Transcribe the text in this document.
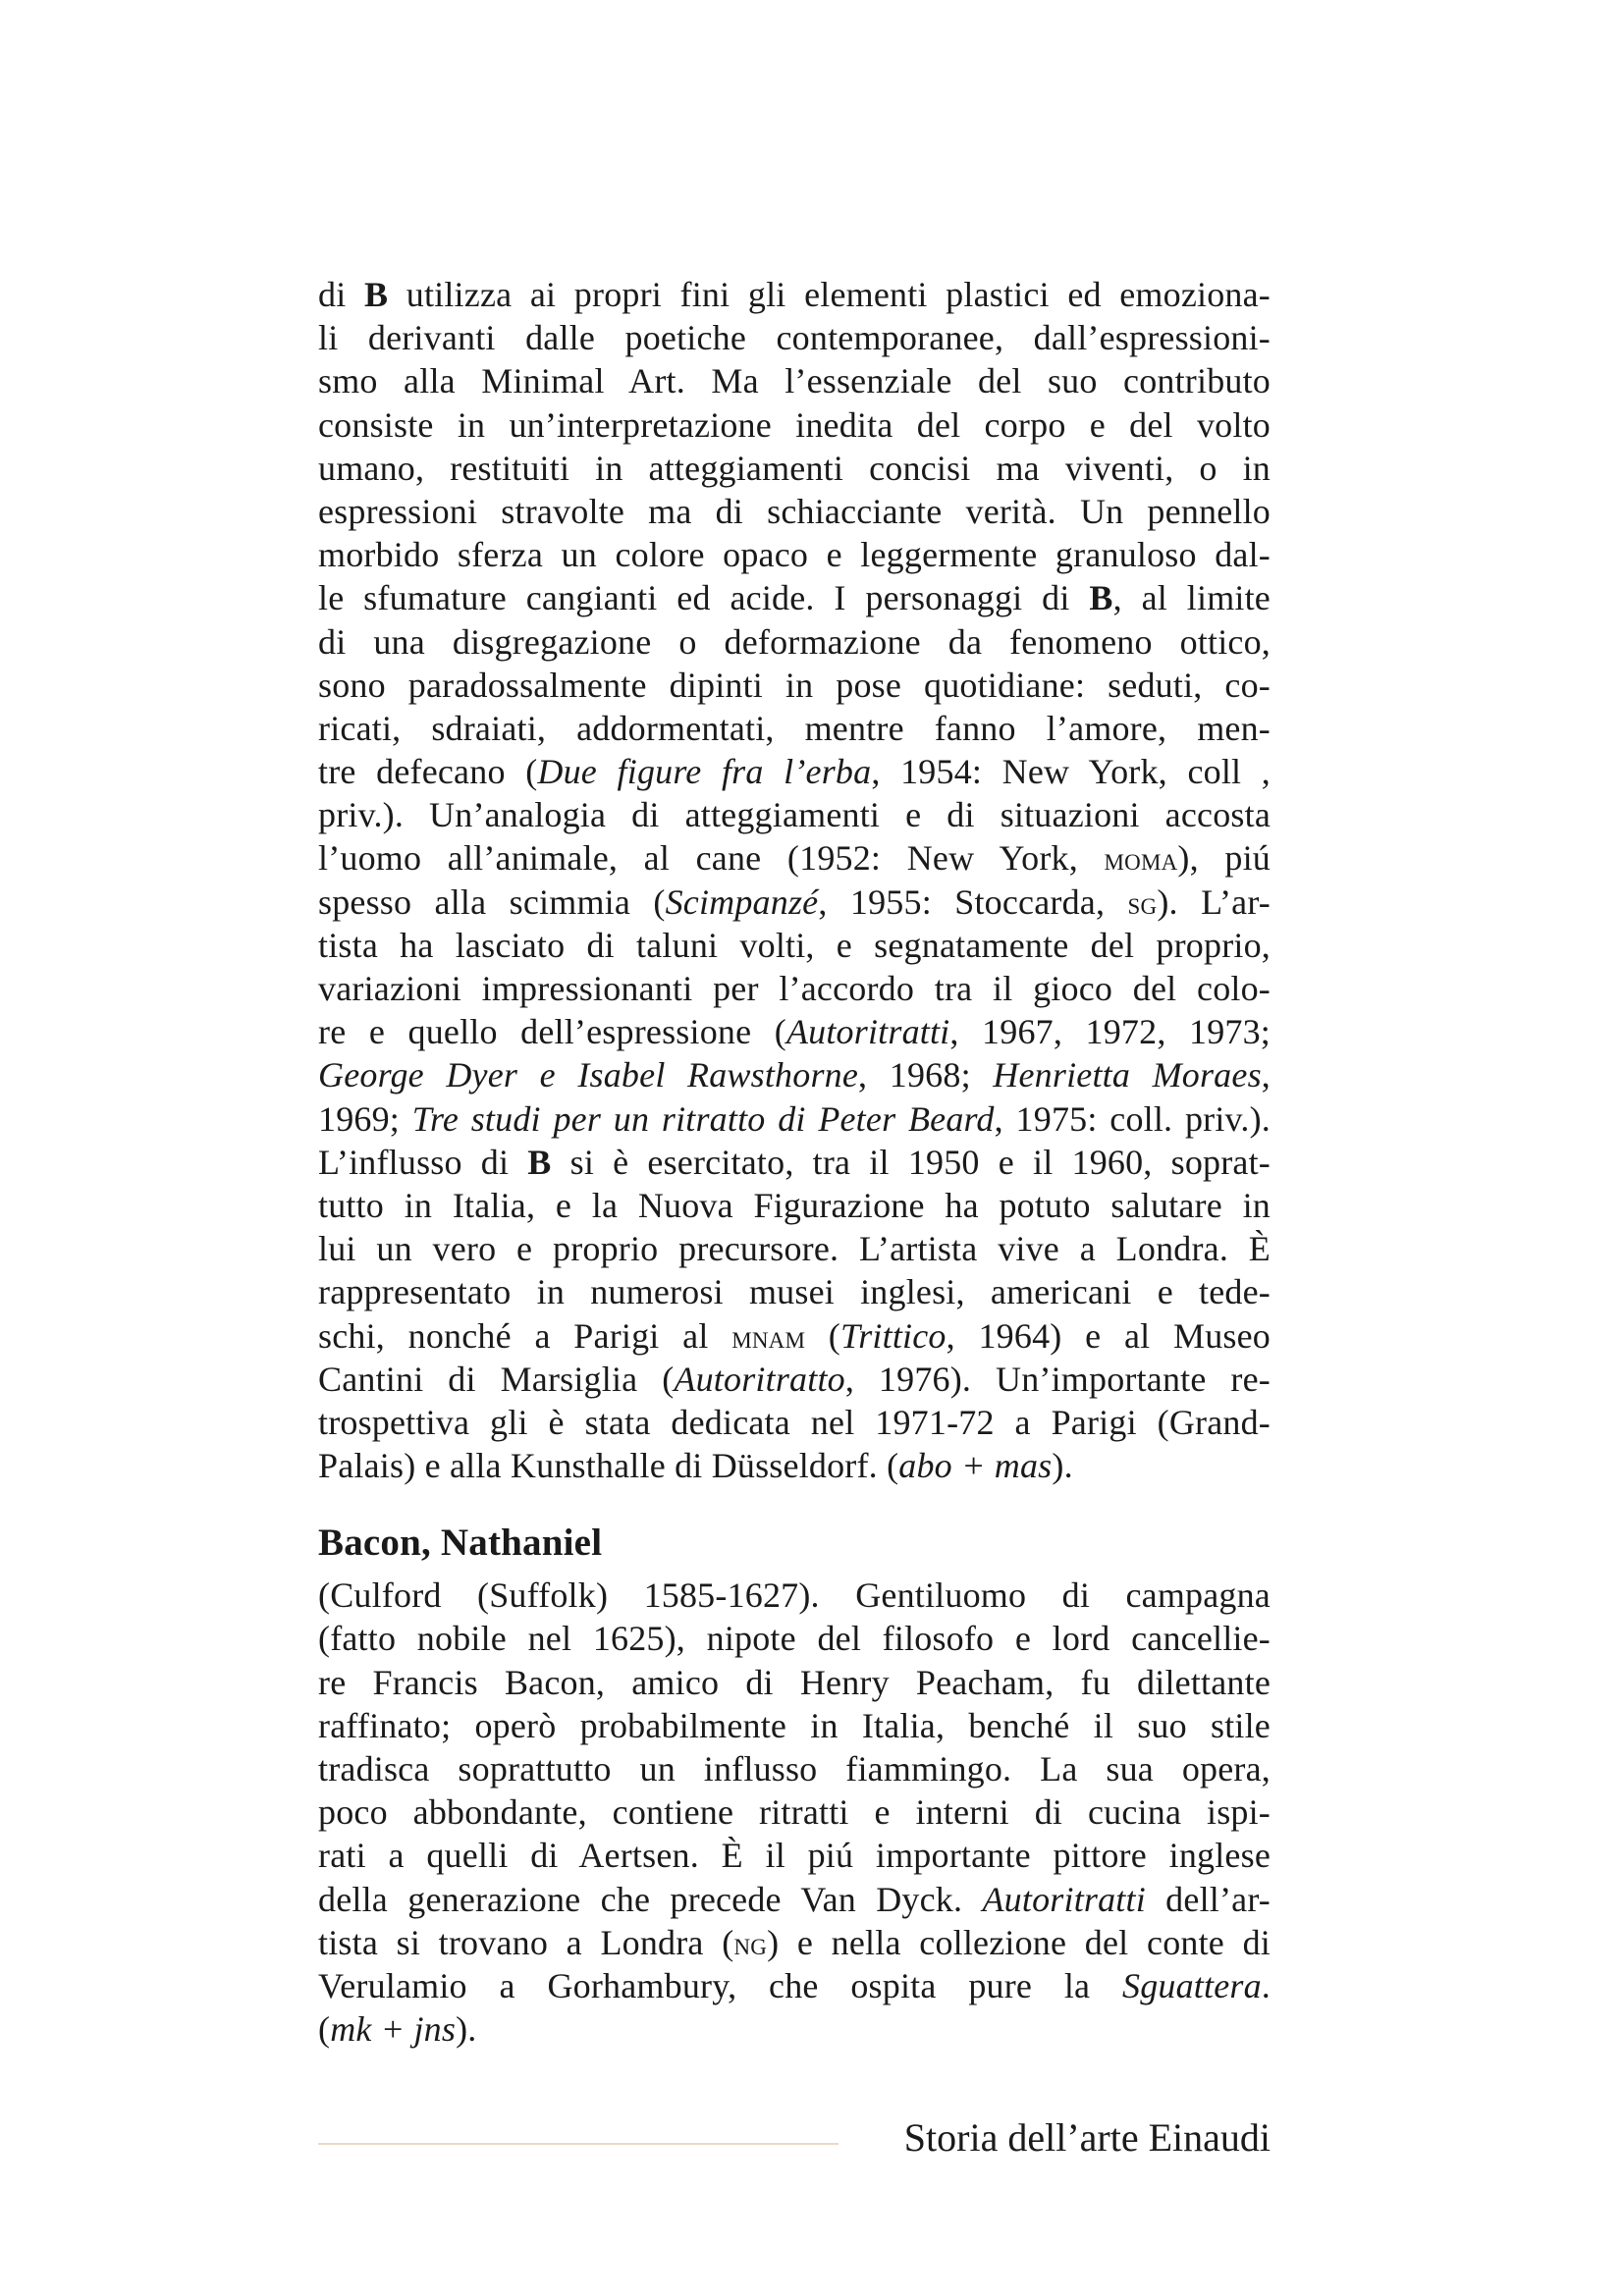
di B utilizza ai propri fini gli elementi plastici ed emoziona-
li derivanti dalle poetiche contemporanee, dall’espressioni-
smo alla Minimal Art. Ma l’essenziale del suo contributo
consiste in un’interpretazione inedita del corpo e del volto
umano, restituiti in atteggiamenti concisi ma viventi, o in
espressioni stravolte ma di schiacciante verità. Un pennello
morbido sferza un colore opaco e leggermente granuloso dal-
le sfumature cangianti ed acide. I personaggi di B, al limite
di una disgregazione o deformazione da fenomeno ottico,
sono paradossalmente dipinti in pose quotidiane: seduti, co-
ricati, sdraiati, addormentati, mentre fanno l’amore, men-
tre defecano (Due figure fra l’erba, 1954: New York, coll ,
priv.). Un’analogia di atteggiamenti e di situazioni accosta
l’uomo all’animale, al cane (1952: New York, moma), piú
spesso alla scimmia (Scimpanzé, 1955: Stoccarda, sg). L’ar-
tista ha lasciato di taluni volti, e segnatamente del proprio,
variazioni impressionanti per l’accordo tra il gioco del colo-
re e quello dell’espressione (Autoritratti, 1967, 1972, 1973;
George Dyer e Isabel Rawsthorne, 1968; Henrietta Moraes,
1969; Tre studi per un ritratto di Peter Beard, 1975: coll. priv.).
L’influsso di B si è esercitato, tra il 1950 e il 1960, soprat-
tutto in Italia, e la Nuova Figurazione ha potuto salutare in
lui un vero e proprio precursore. L’artista vive a Londra. È
rappresentato in numerosi musei inglesi, americani e tede-
schi, nonché a Parigi al mnam (Trittico, 1964) e al Museo
Cantini di Marsiglia (Autoritratto, 1976). Un’importante re-
trospettiva gli è stata dedicata nel 1971-72 a Parigi (Grand-
Palais) e alla Kunsthalle di Düsseldorf. (abo + mas).
Bacon, Nathaniel
(Culford (Suffolk) 1585-1627). Gentiluomo di campagna
(fatto nobile nel 1625), nipote del filosofo e lord cancellie-
re Francis Bacon, amico di Henry Peacham, fu dilettante
raffinato; operò probabilmente in Italia, benché il suo stile
tradisca soprattutto un influsso fiammingo. La sua opera,
poco abbondante, contiene ritratti e interni di cucina ispi-
rati a quelli di Aertsen. È il piú importante pittore inglese
della generazione che precede Van Dyck. Autoritratti dell’ar-
tista si trovano a Londra (ng) e nella collezione del conte di
Verulamio a Gorhambury, che ospita pure la Sguattera.
(mk + jns).
Storia dell’arte Einaudi
